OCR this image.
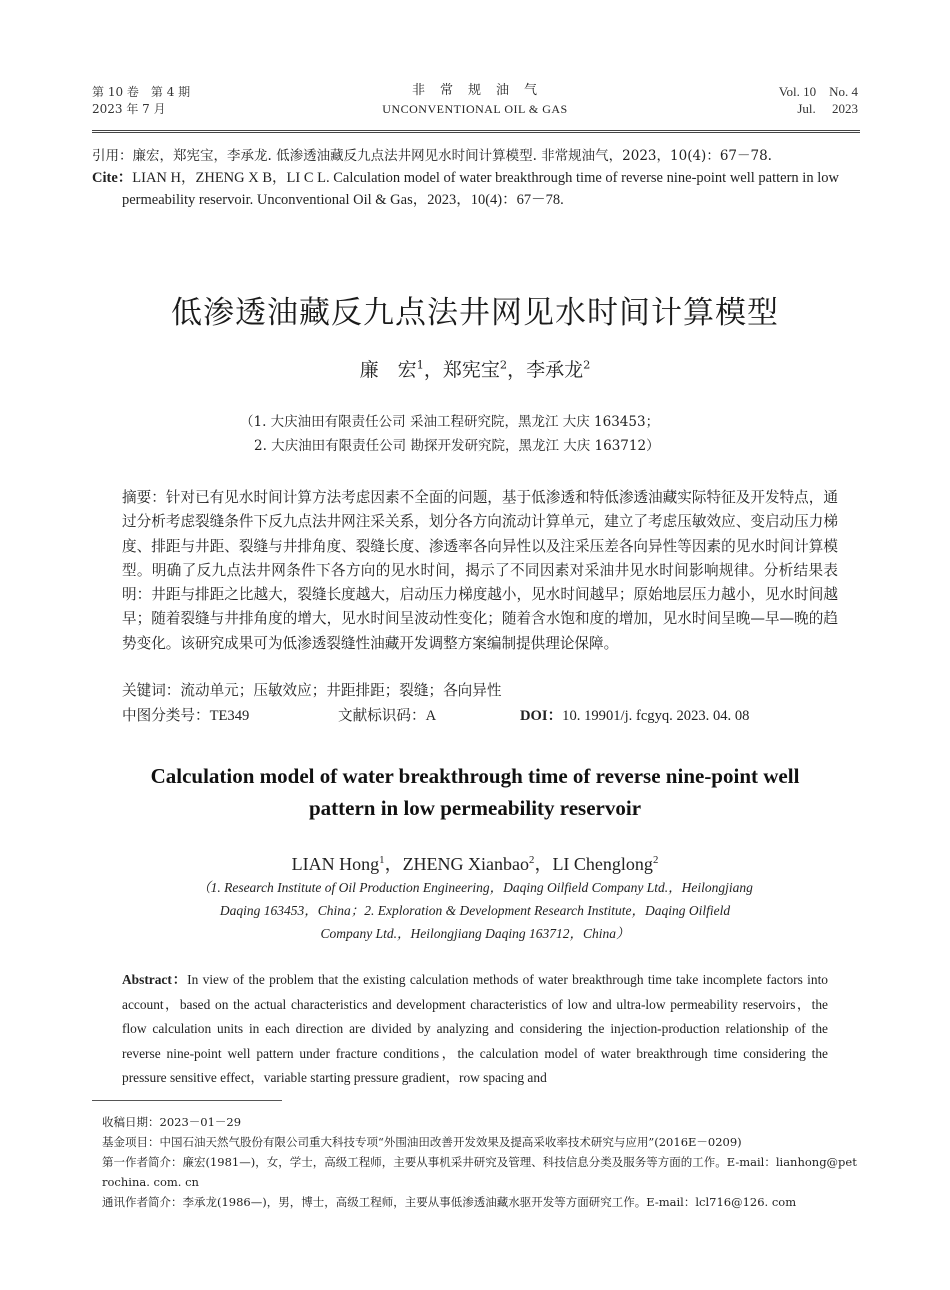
第 10 卷　第 4 期
2023 年 7 月
非　常　规　油　气
UNCONVENTIONAL OIL & GAS
Vol. 10　No. 4
Jul.　 2023
引用：廉宏，郑宪宝，李承龙. 低渗透油藏反九点法井网见水时间计算模型. 非常规油气，2023，10(4)：67－78.
Cite：LIAN H，ZHENG X B，LI C L. Calculation model of water breakthrough time of reverse nine-point well pattern in low permeability reservoir. Unconventional Oil & Gas，2023，10(4)：67－78.
低渗透油藏反九点法井网见水时间计算模型
廉　宏$^1$，郑宪宝$^2$，李承龙$^2$
（1. 大庆油田有限责任公司 采油工程研究院，黑龙江 大庆 163453；
2. 大庆油田有限责任公司 勘探开发研究院，黑龙江 大庆 163712）
摘要：针对已有见水时间计算方法考虑因素不全面的问题，基于低渗透和特低渗透油藏实际特征及开发特点，通过分析考虑裂缝条件下反九点法井网注采关系，划分各方向流动计算单元，建立了考虑压敏效应、变启动压力梯度、排距与井距、裂缝与井排角度、裂缝长度、渗透率各向异性以及注采压差各向异性等因素的见水时间计算模型。明确了反九点法井网条件下各方向的见水时间，揭示了不同因素对采油井见水时间影响规律。分析结果表明：井距与排距之比越大，裂缝长度越大，启动压力梯度越小，见水时间越早；原始地层压力越小，见水时间越早；随着裂缝与井排角度的增大，见水时间呈波动性变化；随着含水饱和度的增加，见水时间呈晚—早—晚的趋势变化。该研究成果可为低渗透裂缝性油藏开发调整方案编制提供理论保障。
关键词：流动单元；压敏效应；井距排距；裂缝；各向异性
中图分类号：TE349	文献标识码：A	DOI：10. 19901/j. fcgyq. 2023. 04. 08
Calculation model of water breakthrough time of reverse nine-point well pattern in low permeability reservoir
LIAN Hong$^1$，ZHENG Xianbao$^2$，LI Chenglong$^2$
（1. Research Institute of Oil Production Engineering，Daqing Oilfield Company Ltd.，Heilongjiang
Daqing 163453，China；2. Exploration & Development Research Institute，Daqing Oilfield
Company Ltd.，Heilongjiang Daqing 163712，China）
Abstract：In view of the problem that the existing calculation methods of water breakthrough time take incomplete factors into account，based on the actual characteristics and development characteristics of low and ultra-low permeability reservoirs，the flow calculation units in each direction are divided by analyzing and considering the injection-production relationship of the reverse nine-point well pattern under fracture conditions，the calculation model of water breakthrough time considering the pressure sensitive effect，variable starting pressure gradient，row spacing and
收稿日期：2023－01－29
基金项目：中国石油天然气股份有限公司重大科技专项“外围油田改善开发效果及提高采收率技术研究与应用”(2016E－0209)
第一作者简介：廉宏(1981—)，女，学士，高级工程师，主要从事机采井研究及管理、科技信息分类及服务等方面的工作。E-mail：lianhong@petrochina. com. cn
通讯作者简介：李承龙(1986—)，男，博士，高级工程师，主要从事低渗透油藏水驱开发等方面研究工作。E-mail：lcl716@126. com
